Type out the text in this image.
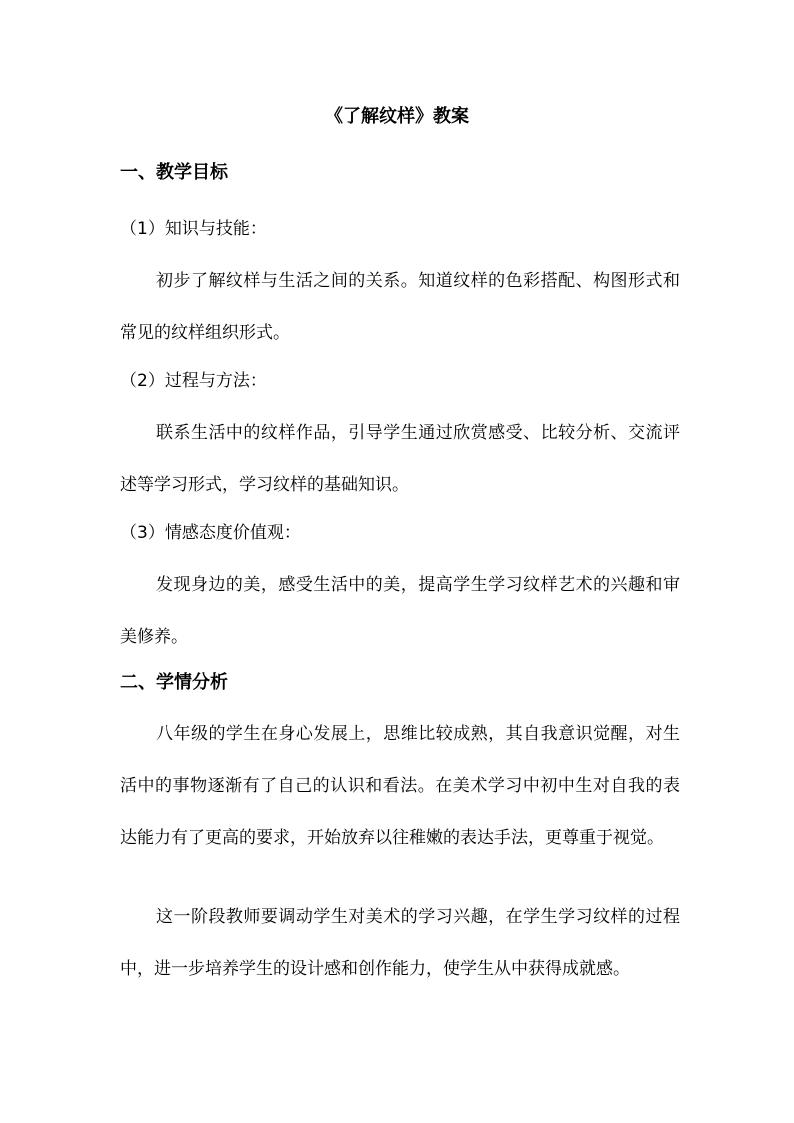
《了解纹样》教案
一、教学目标
（1）知识与技能：

初步了解纹样与生活之间的关系。知道纹样的色彩搭配、构图形式和常见的纹样组织形式。

（2）过程与方法：

联系生活中的纹样作品，引导学生通过欣赏感受、比较分析、交流评述等学习形式，学习纹样的基础知识。

（3）情感态度价值观：

发现身边的美，感受生活中的美，提高学生学习纹样艺术的兴趣和审美修养。

二、学情分析

八年级的学生在身心发展上，思维比较成熟，其自我意识觉醒，对生活中的事物逐渐有了自己的认识和看法。在美术学习中初中生对自我的表达能力有了更高的要求，开始放弃以往稚嫩的表达手法，更尊重于视觉。

这一阶段教师要调动学生对美术的学习兴趣，在学生学习纹样的过程中，进一步培养学生的设计感和创作能力，使学生从中获得成就感。
